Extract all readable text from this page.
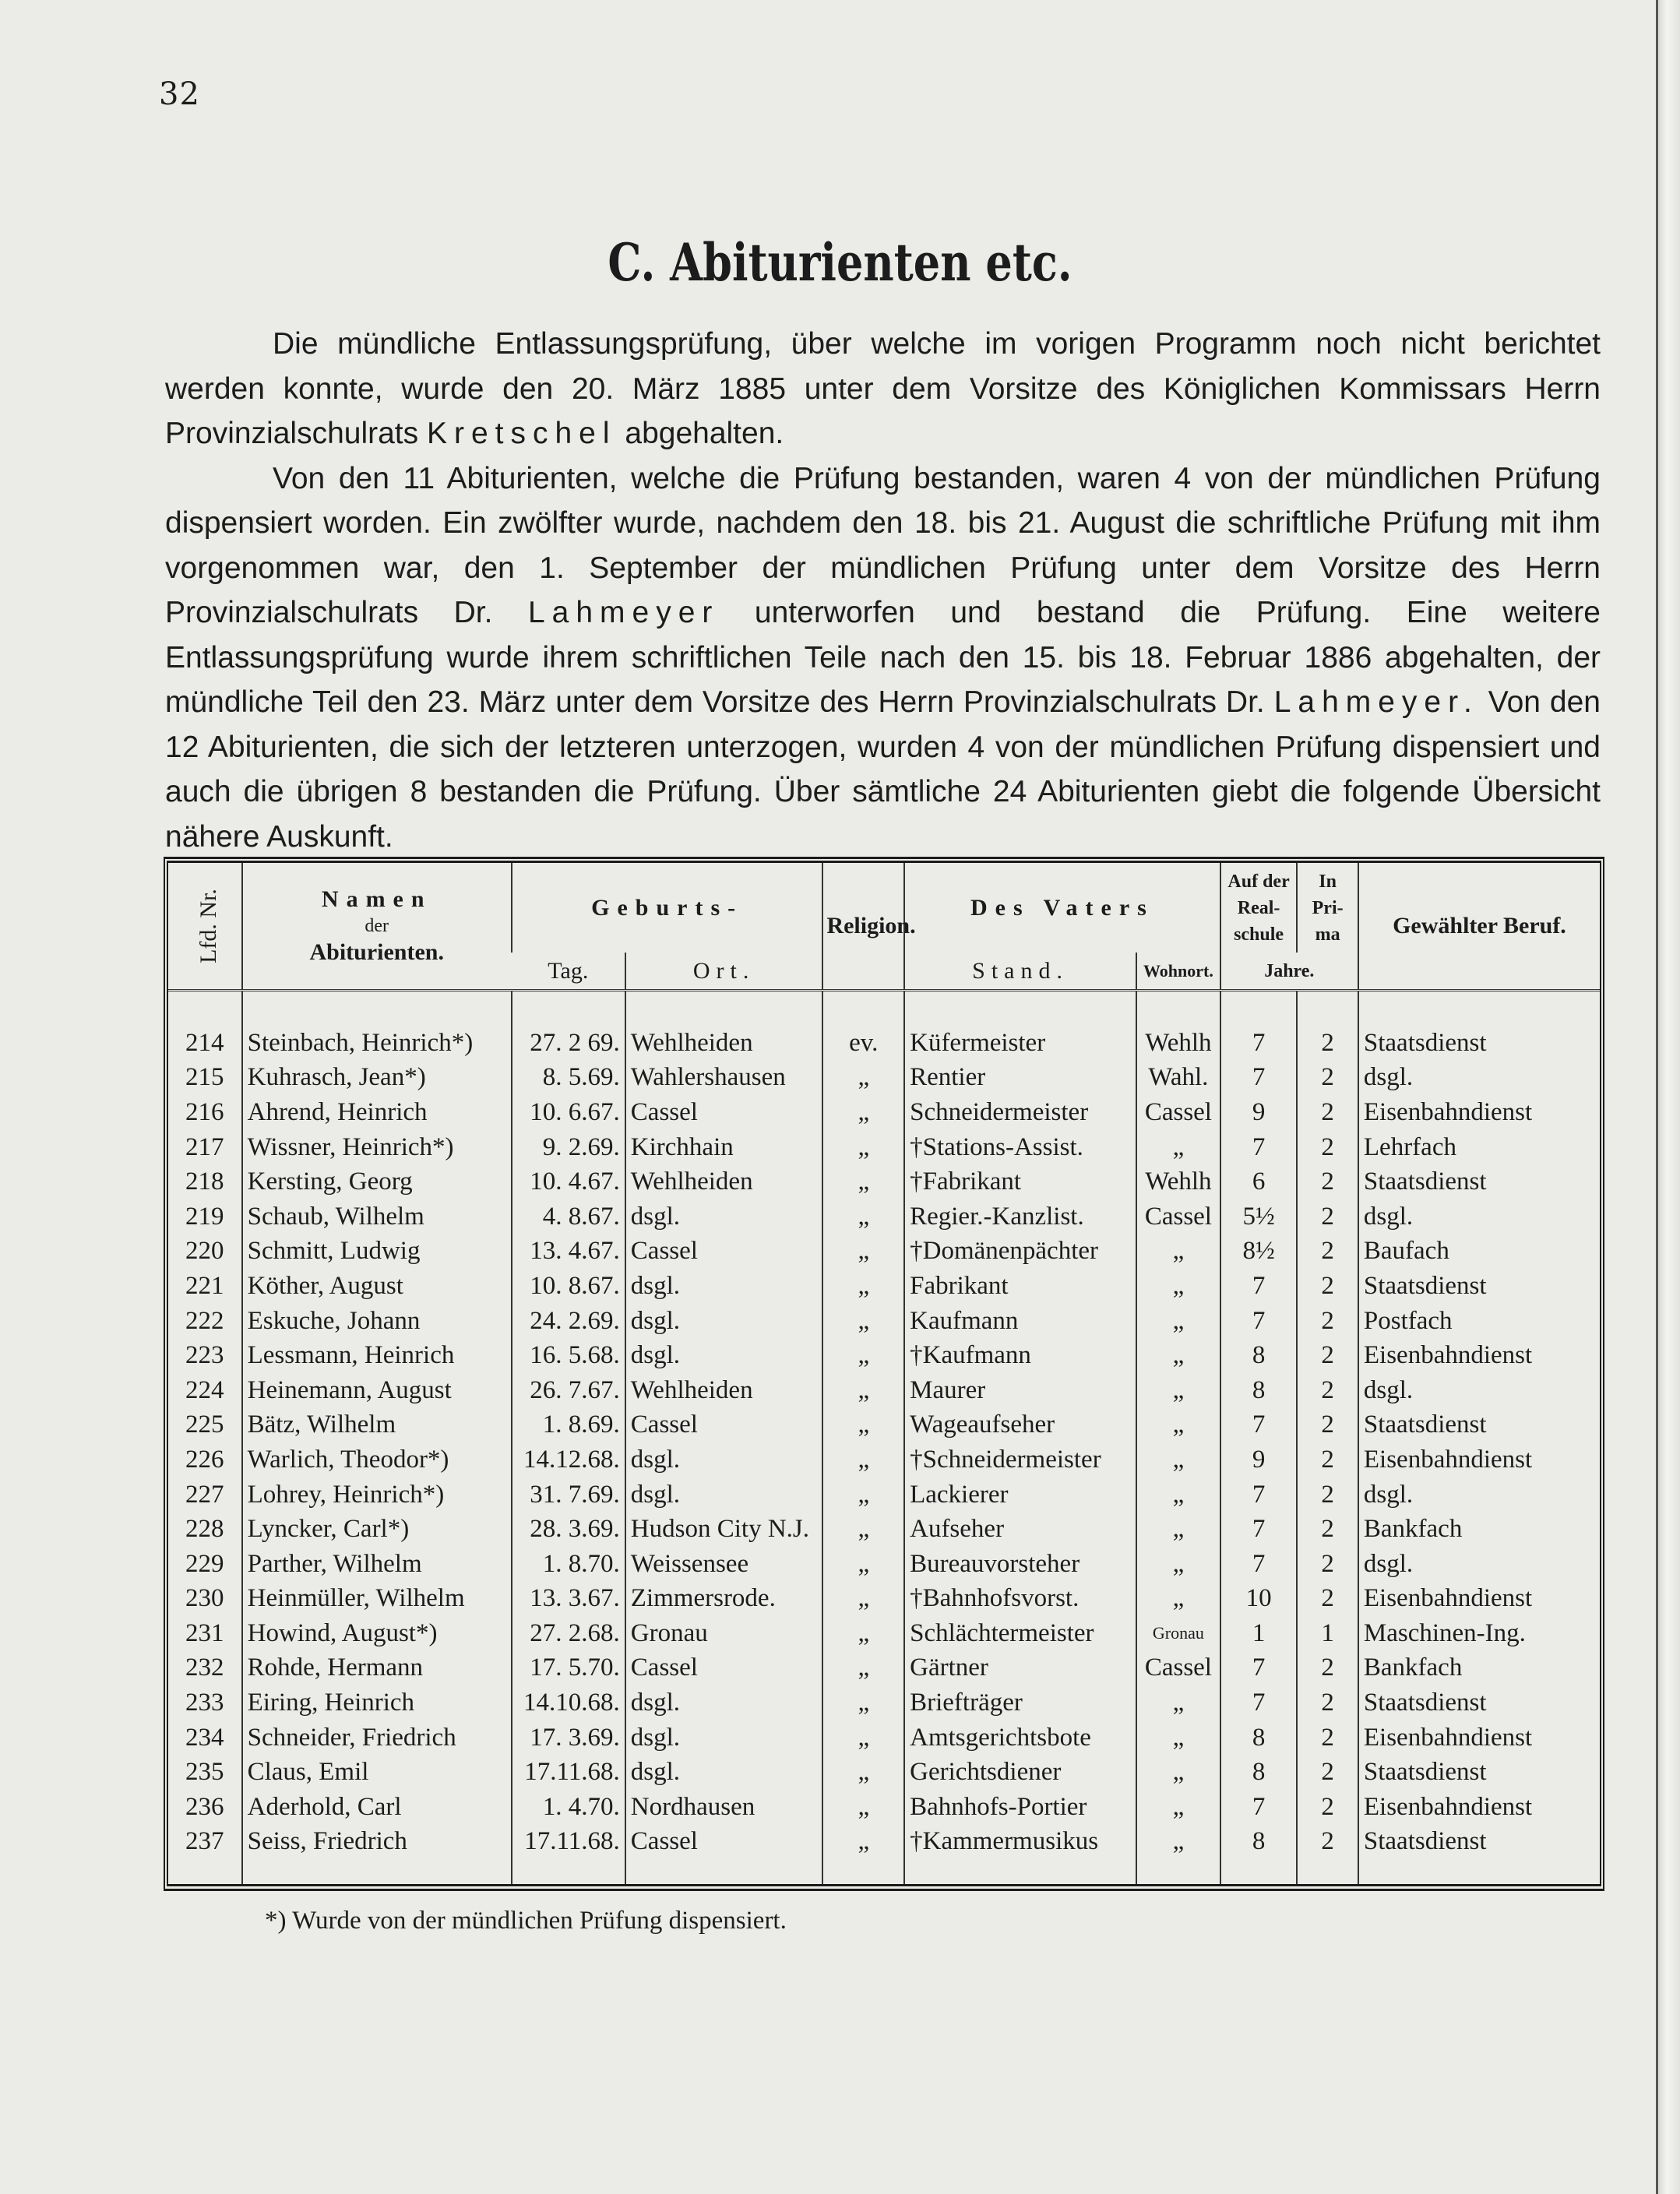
32
C. Abiturienten etc.

Die mündliche Entlassungsprüfung, über welche im vorigen Programm noch nicht berichtet werden konnte, wurde den 20. März 1885 unter dem Vorsitze des Königlichen Kommissars Herrn Provinzialschulrats Kretschel abgehalten.

Von den 11 Abiturienten, welche die Prüfung bestanden, waren 4 von der mündlichen Prüfung dispensiert worden. Ein zwölfter wurde, nachdem den 18. bis 21. August die schriftliche Prüfung mit ihm vorgenommen war, den 1. September der mündlichen Prüfung unter dem Vorsitze des Herrn Provinzialschulrats Dr. Lahmeyer unterworfen und bestand die Prüfung. Eine weitere Entlassungsprüfung wurde ihrem schriftlichen Teile nach den 15. bis 18. Februar 1886 abgehalten, der mündliche Teil den 23. März unter dem Vorsitze des Herrn Provinzialschulrats Dr. Lahmeyer. Von den 12 Abiturienten, die sich der letzteren unterzogen, wurden 4 von der mündlichen Prüfung dispensiert und auch die übrigen 8 bestanden die Prüfung. Über sämtliche 24 Abiturienten giebt die folgende Übersicht nähere Auskunft.

Lfd. Nr.	Namen
der
Abiturienten.	Geburts-		Religion.	Des Vaters		Auf der Real-schule	In Pri-ma	Gewählter Beruf.
		Tag.	Ort.		Stand.	Wohnort.	Jahre.		

214	Steinbach, Heinrich*)	27. 2 69.	Wehlheiden	ev.	Küfermeister	Wehlh	7	2	Staatsdienst
215	Kuhrasch, Jean*)	8. 5.69.	Wahlershausen	„	Rentier	Wahl.	7	2	dsgl.
216	Ahrend, Heinrich	10. 6.67.	Cassel	„	Schneidermeister	Cassel	9	2	Eisenbahndienst
217	Wissner, Heinrich*)	9. 2.69.	Kirchhain	„	†Stations-Assist.	„	7	2	Lehrfach
218	Kersting, Georg	10. 4.67.	Wehlheiden	„	†Fabrikant	Wehlh	6	2	Staatsdienst
219	Schaub, Wilhelm	4. 8.67.	dsgl.	„	Regier.-Kanzlist.	Cassel	5½	2	dsgl.
220	Schmitt, Ludwig	13. 4.67.	Cassel	„	†Domänenpächter	„	8½	2	Baufach
221	Köther, August	10. 8.67.	dsgl.	„	Fabrikant	„	7	2	Staatsdienst
222	Eskuche, Johann	24. 2.69.	dsgl.	„	Kaufmann	„	7	2	Postfach
223	Lessmann, Heinrich	16. 5.68.	dsgl.	„	†Kaufmann	„	8	2	Eisenbahndienst
224	Heinemann, August	26. 7.67.	Wehlheiden	„	Maurer	„	8	2	dsgl.
225	Bätz, Wilhelm	1. 8.69.	Cassel	„	Wageaufseher	„	7	2	Staatsdienst
226	Warlich, Theodor*)	14.12.68.	dsgl.	„	†Schneidermeister	„	9	2	Eisenbahndienst
227	Lohrey, Heinrich*)	31. 7.69.	dsgl.	„	Lackierer	„	7	2	dsgl.
228	Lyncker, Carl*)	28. 3.69.	Hudson City N.J.	„	Aufseher	„	7	2	Bankfach
229	Parther, Wilhelm	1. 8.70.	Weissensee	„	Bureauvorsteher	„	7	2	dsgl.
230	Heinmüller, Wilhelm	13. 3.67.	Zimmersrode.	„	†Bahnhofsvorst.	„	10	2	Eisenbahndienst
231	Howind, August*)	27. 2.68.	Gronau	„	Schlächtermeister	Gronau	1	1	Maschinen-Ing.
232	Rohde, Hermann	17. 5.70.	Cassel	„	Gärtner	Cassel	7	2	Bankfach
233	Eiring, Heinrich	14.10.68.	dsgl.	„	Briefträger	„	7	2	Staatsdienst
234	Schneider, Friedrich	17. 3.69.	dsgl.	„	Amtsgerichtsbote	„	8	2	Eisenbahndienst
235	Claus, Emil	17.11.68.	dsgl.	„	Gerichtsdiener	„	8	2	Staatsdienst
236	Aderhold, Carl	1. 4.70.	Nordhausen	„	Bahnhofs-Portier	„	7	2	Eisenbahndienst
237	Seiss, Friedrich	17.11.68.	Cassel	„	†Kammermusikus	„	8	2	Staatsdienst

*) Wurde von der mündlichen Prüfung dispensiert.
